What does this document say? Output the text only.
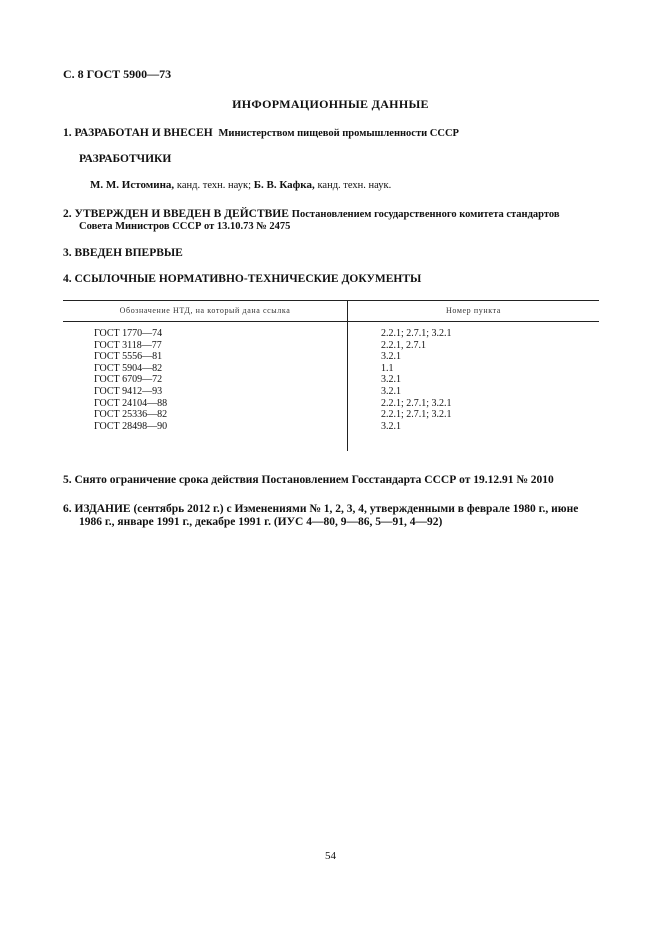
С. 8 ГОСТ 5900—73
ИНФОРМАЦИОННЫЕ ДАННЫЕ
1. РАЗРАБОТАН И ВНЕСЕН Министерством пищевой промышленности СССР
РАЗРАБОТЧИКИ
М. М. Истомина, канд. техн. наук; Б. В. Кафка, канд. техн. наук.
2. УТВЕРЖДЕН И ВВЕДЕН В ДЕЙСТВИЕ Постановлением государственного комитета стандартов
Совета Министров СССР от 13.10.73 № 2475
3. ВВЕДЕН ВПЕРВЫЕ
4. ССЫЛОЧНЫЕ НОРМАТИВНО-ТЕХНИЧЕСКИЕ ДОКУМЕНТЫ
Обозначение НТД, на который дана ссылка	Номер пункта
ГОСТ 1770—74	2.2.1; 2.7.1; 3.2.1
ГОСТ 3118—77	2.2.1, 2.7.1
ГОСТ 5556—81	3.2.1
ГОСТ 5904—82	1.1
ГОСТ 6709—72	3.2.1
ГОСТ 9412—93	3.2.1
ГОСТ 24104—88	2.2.1; 2.7.1; 3.2.1
ГОСТ 25336—82	2.2.1; 2.7.1; 3.2.1
ГОСТ 28498—90	3.2.1
5. Снято ограничение срока действия Постановлением Госстандарта СССР от 19.12.91 № 2010
6. ИЗДАНИЕ (сентябрь 2012 г.) с Изменениями № 1, 2, 3, 4, утвержденными в феврале 1980 г., июне
1986 г., январе 1991 г., декабре 1991 г. (ИУС 4—80, 9—86, 5—91, 4—92)
54
